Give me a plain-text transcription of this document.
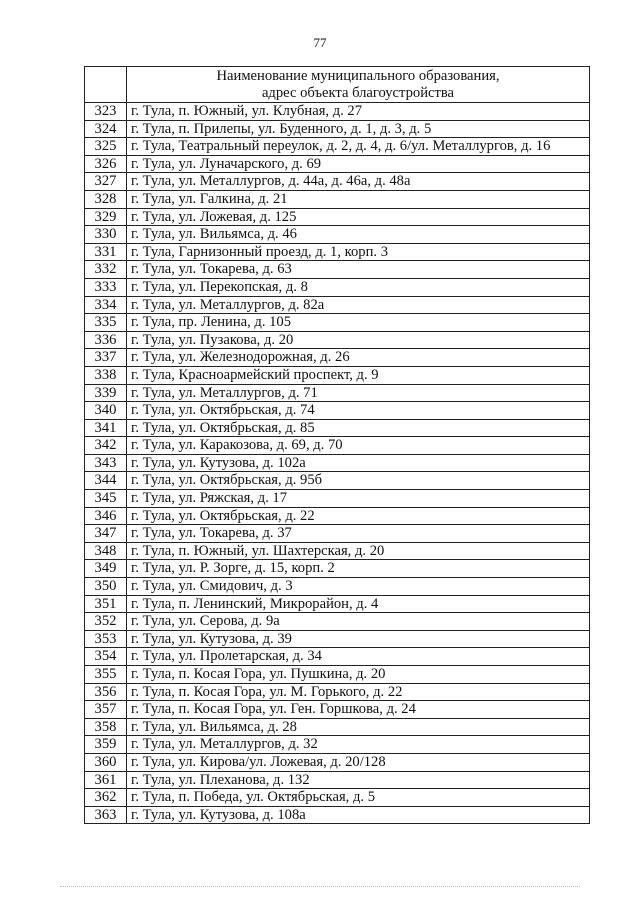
77

	Наименование муниципального образования,
адрес объекта благоустройства

323	г. Тула, п. Южный, ул. Клубная, д. 27
324	г. Тула, п. Прилепы, ул. Буденного, д. 1, д. 3, д. 5
325	г. Тула, Театральный переулок, д. 2, д. 4, д. 6/ул. Металлургов, д. 16
326	г. Тула, ул. Луначарского, д. 69
327	г. Тула, ул. Металлургов, д. 44а, д. 46а, д. 48а
328	г. Тула, ул. Галкина, д. 21
329	г. Тула, ул. Ложевая, д. 125
330	г. Тула, ул. Вильямса, д. 46
331	г. Тула, Гарнизонный проезд, д. 1, корп. 3
332	г. Тула, ул. Токарева, д. 63
333	г. Тула, ул. Перекопская, д. 8
334	г. Тула, ул. Металлургов, д. 82а
335	г. Тула, пр. Ленина, д. 105
336	г. Тула, ул. Пузакова, д. 20
337	г. Тула, ул. Железнодорожная, д. 26
338	г. Тула, Красноармейский проспект, д. 9
339	г. Тула, ул. Металлургов, д. 71
340	г. Тула, ул. Октябрьская, д. 74
341	г. Тула, ул. Октябрьская, д. 85
342	г. Тула, ул. Каракозова, д. 69, д. 70
343	г. Тула, ул. Кутузова, д. 102а
344	г. Тула, ул. Октябрьская, д. 95б
345	г. Тула, ул. Ряжская, д. 17
346	г. Тула, ул. Октябрьская, д. 22
347	г. Тула, ул. Токарева, д. 37
348	г. Тула, п. Южный, ул. Шахтерская, д. 20
349	г. Тула, ул. Р. Зорге, д. 15, корп. 2
350	г. Тула, ул. Смидович, д. 3
351	г. Тула, п. Ленинский, Микрорайон, д. 4
352	г. Тула, ул. Серова, д. 9а
353	г. Тула, ул. Кутузова, д. 39
354	г. Тула, ул. Пролетарская, д. 34
355	г. Тула, п. Косая Гора, ул. Пушкина, д. 20
356	г. Тула, п. Косая Гора, ул. М. Горького, д. 22
357	г. Тула, п. Косая Гора, ул. Ген. Горшкова, д. 24
358	г. Тула, ул. Вильямса, д. 28
359	г. Тула, ул. Металлургов, д. 32
360	г. Тула, ул. Кирова/ул. Ложевая, д. 20/128
361	г. Тула, ул. Плеханова, д. 132
362	г. Тула, п. Победа, ул. Октябрьская, д. 5
363	г. Тула, ул. Кутузова, д. 108а
